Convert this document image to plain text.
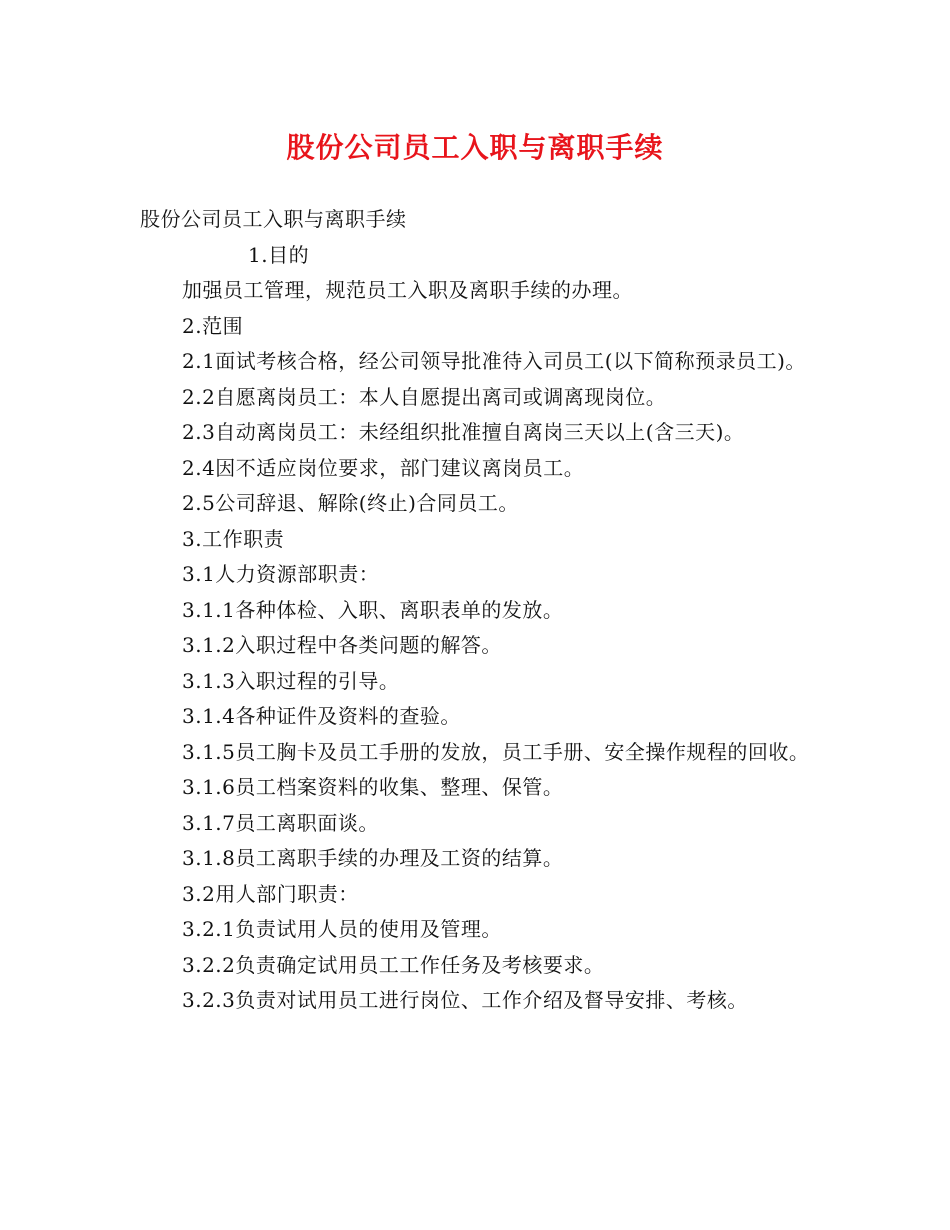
股份公司员工入职与离职手续

股份公司员工入职与离职手续

1.目的

加强员工管理，规范员工入职及离职手续的办理。

2.范围

2.1面试考核合格，经公司领导批准待入司员工(以下简称预录员工)。

2.2自愿离岗员工：本人自愿提出离司或调离现岗位。

2.3自动离岗员工：未经组织批准擅自离岗三天以上(含三天)。

2.4因不适应岗位要求，部门建议离岗员工。

2.5公司辞退、解除(终止)合同员工。

3.工作职责

3.1人力资源部职责：

3.1.1各种体检、入职、离职表单的发放。

3.1.2入职过程中各类问题的解答。

3.1.3入职过程的引导。

3.1.4各种证件及资料的查验。

3.1.5员工胸卡及员工手册的发放，员工手册、安全操作规程的回收。

3.1.6员工档案资料的收集、整理、保管。

3.1.7员工离职面谈。

3.1.8员工离职手续的办理及工资的结算。

3.2用人部门职责：

3.2.1负责试用人员的使用及管理。

3.2.2负责确定试用员工工作任务及考核要求。

3.2.3负责对试用员工进行岗位、工作介绍及督导安排、考核。
